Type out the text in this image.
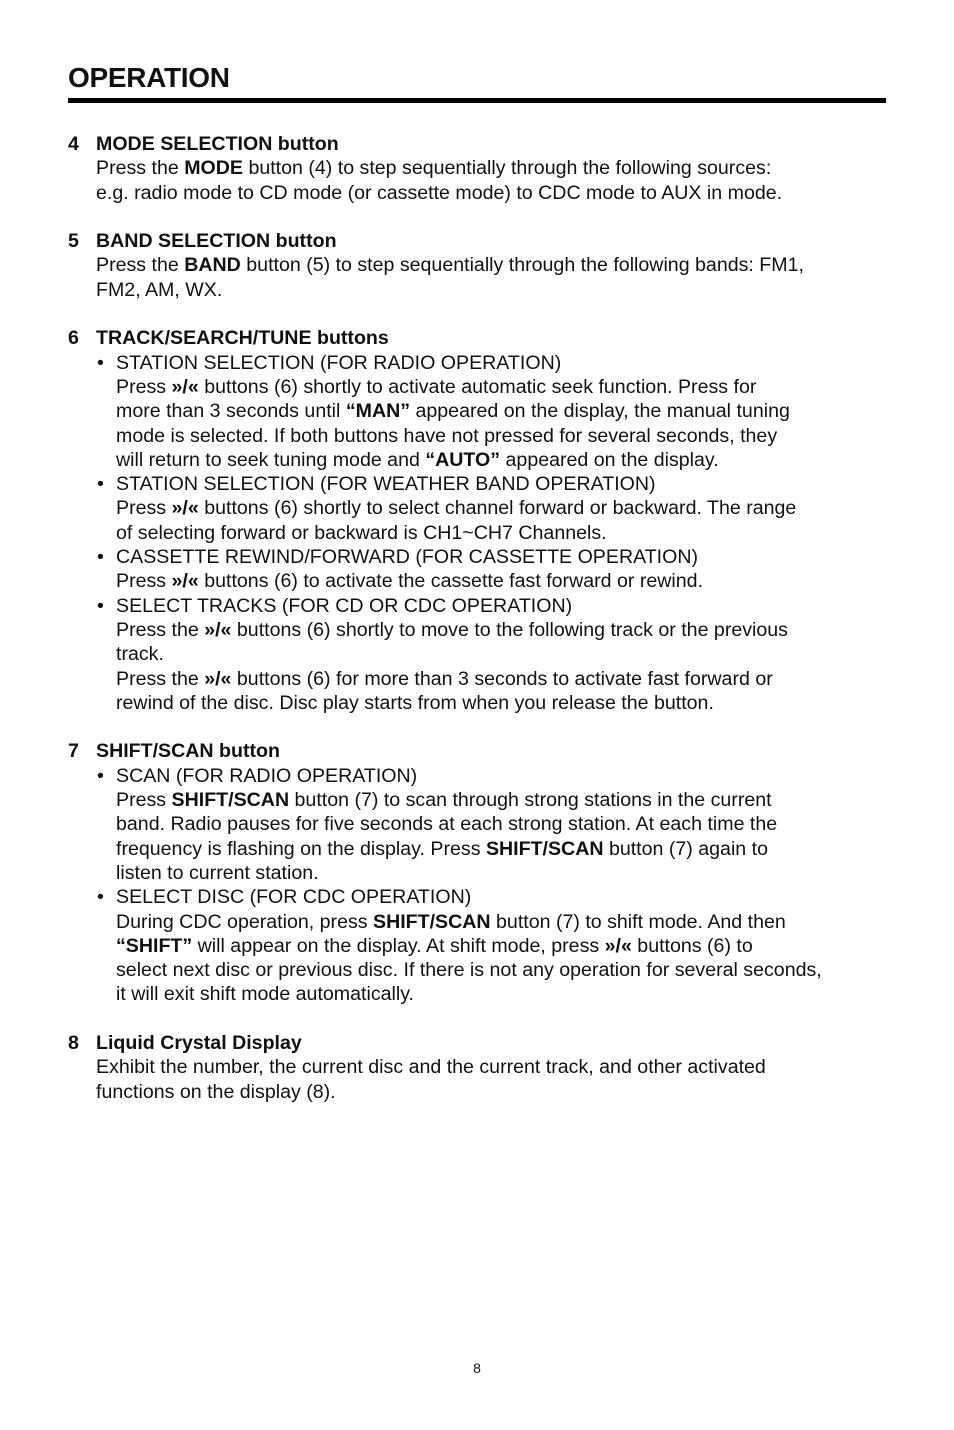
OPERATION
4 MODE SELECTION button
Press the MODE button (4) to step sequentially through the following sources:
e.g. radio mode to CD mode (or cassette mode) to CDC mode to AUX in mode.
5 BAND SELECTION button
Press the BAND button (5) to step sequentially through the following bands: FM1,
FM2, AM, WX.
6 TRACK/SEARCH/TUNE buttons
• STATION SELECTION (FOR RADIO OPERATION)
Press »/« buttons (6) shortly to activate automatic seek function. Press for
more than 3 seconds until “MAN” appeared on the display, the manual tuning
mode is selected. If both buttons have not pressed for several seconds, they
will return to seek tuning mode and “AUTO” appeared on the display.
• STATION SELECTION (FOR WEATHER BAND OPERATION)
Press »/« buttons (6) shortly to select channel forward or backward. The range
of selecting forward or backward is CH1~CH7 Channels.
• CASSETTE REWIND/FORWARD (FOR CASSETTE OPERATION)
Press »/« buttons (6) to activate the cassette fast forward or rewind.
• SELECT TRACKS (FOR CD OR CDC OPERATION)
Press the »/« buttons (6) shortly to move to the following track or the previous
track.
Press the »/« buttons (6) for more than 3 seconds to activate fast forward or
rewind of the disc. Disc play starts from when you release the button.
7 SHIFT/SCAN button
• SCAN (FOR RADIO OPERATION)
Press SHIFT/SCAN button (7) to scan through strong stations in the current
band. Radio pauses for five seconds at each strong station. At each time the
frequency is flashing on the display. Press SHIFT/SCAN button (7) again to
listen to current station.
• SELECT DISC (FOR CDC OPERATION)
During CDC operation, press SHIFT/SCAN button (7) to shift mode. And then
“SHIFT” will appear on the display. At shift mode, press »/« buttons (6) to
select next disc or previous disc. If there is not any operation for several seconds,
it will exit shift mode automatically.
8 Liquid Crystal Display
Exhibit the number, the current disc and the current track, and other activated
functions on the display (8).
8
